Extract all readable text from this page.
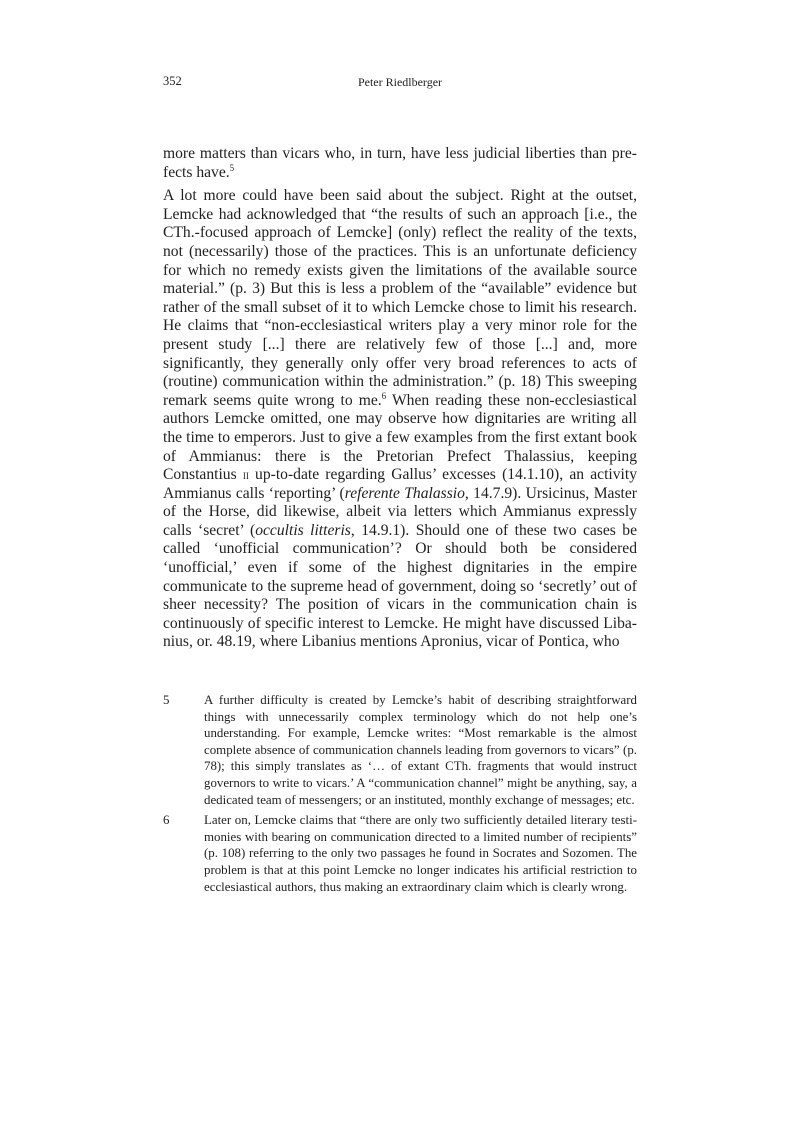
352	Peter Riedlberger

more matters than vicars who, in turn, have less judicial liberties than prefects have.$^5$

A lot more could have been said about the subject. Right at the outset, Lemcke had acknowledged that “the results of such an approach [i.e., the CTh.-focused approach of Lemcke] (only) reflect the reality of the texts, not (necessarily) those of the practices. This is an unfortunate deficiency for which no remedy exists given the limitations of the available source material.” (p. 3) But this is less a problem of the “available” evidence but rather of the small subset of it to which Lemcke chose to limit his research. He claims that “non-ecclesiastical writers play a very minor role for the present study [...] there are relatively few of those [...] and, more significantly, they generally only offer very broad references to acts of (routine) communication within the administration.” (p. 18) This sweeping remark seems quite wrong to me.$^6$ When reading these non-ecclesiastical authors Lemcke omitted, one may observe how dignitaries are writing all the time to emperors. Just to give a few examples from the first extant book of Ammianus: there is the Pretorian Prefect Thalassius, keeping Constantius ii up-to-date regarding Gallus’ excesses (14.1.10), an activity Ammianus calls ‘reporting’ (referente Thalassio, 14.7.9). Ursicinus, Master of the Horse, did likewise, albeit via letters which Ammianus expressly calls ‘secret’ (occultis litteris, 14.9.1). Should one of these two cases be called ‘unofficial communication’? Or should both be considered ‘unofficial,’ even if some of the highest dignitaries in the empire communicate to the supreme head of government, doing so ‘secretly’ out of sheer necessity? The position of vicars in the communication chain is continuously of specific interest to Lemcke. He might have discussed Libanius, or. 48.19, where Libanius mentions Apronius, vicar of Pontica, who

5	A further difficulty is created by Lemcke’s habit of describing straightforward things with unnecessarily complex terminology which do not help one’s understanding. For example, Lemcke writes: “Most remarkable is the almost complete absence of communication channels leading from governors to vicars” (p. 78); this simply translates as ‘… of extant CTh. fragments that would instruct governors to write to vicars.’ A “communication channel” might be anything, say, a dedicated team of messengers; or an instituted, monthly exchange of messages; etc.
6	Later on, Lemcke claims that “there are only two sufficiently detailed literary testimonies with bearing on communication directed to a limited number of recipients” (p. 108) referring to the only two passages he found in Socrates and Sozomen. The problem is that at this point Lemcke no longer indicates his artificial restriction to ecclesiastical authors, thus making an extraordinary claim which is clearly wrong.
